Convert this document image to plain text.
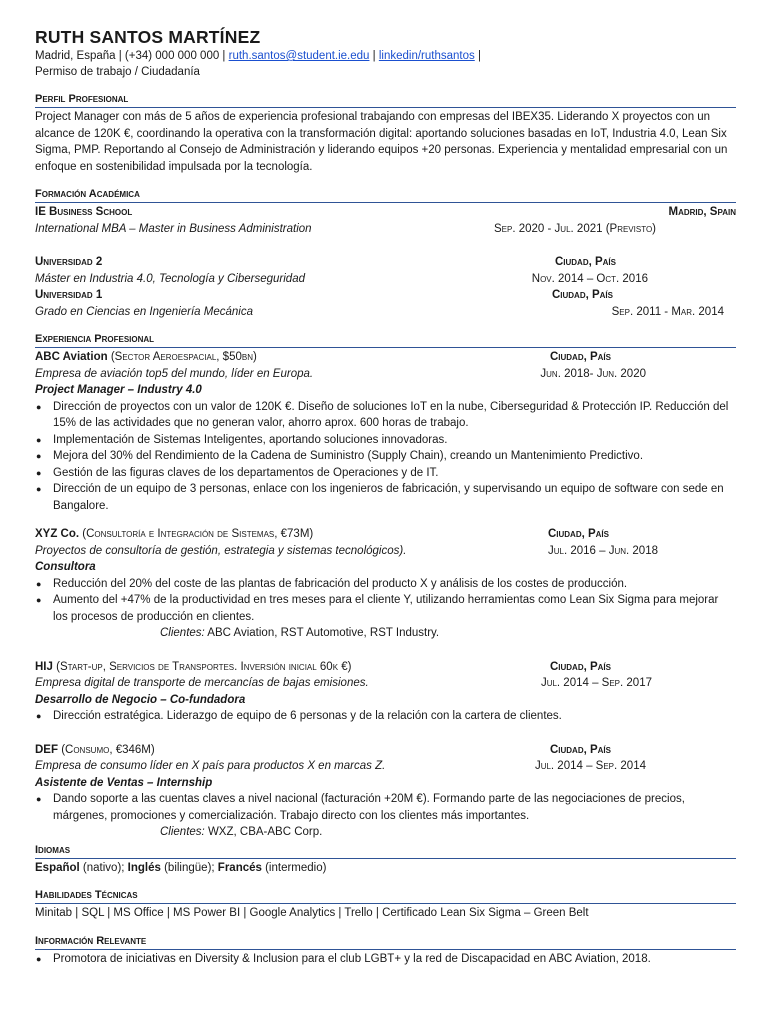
RUTH SANTOS MARTÍNEZ
Madrid, España | (+34) 000 000 000 | ruth.santos@student.ie.edu | linkedin/ruthsantos |
Permiso de trabajo / Ciudadanía
Perfil Profesional
Project Manager con más de 5 años de experiencia profesional trabajando con empresas del IBEX35. Liderando X proyectos con un alcance de 120K €, coordinando la operativa con la transformación digital: aportando soluciones basadas en IoT, Industria 4.0, Lean Six Sigma, PMP. Reportando al Consejo de Administración y liderando equipos +20 personas. Experiencia y mentalidad empresarial con un enfoque en sostenibilidad impulsada por la tecnología.
Formación Académica
IE Business School	Madrid, Spain
International MBA – Master in Business Administration	Sep. 2020 - Jul. 2021 (Previsto)
Universidad 2	Ciudad, País
Máster en Industria 4.0, Tecnología y Ciberseguridad	Nov. 2014 – Oct. 2016
Universidad 1	Ciudad, País
Grado en Ciencias en Ingeniería Mecánica	Sep. 2011 - Mar. 2014
Experiencia Profesional
ABC Aviation (Sector Aeroespacial, $50bn)	Ciudad, País
Empresa de aviación top5 del mundo, líder en Europa.	Jun. 2018- Jun. 2020
Project Manager – Industry 4.0
● Dirección de proyectos con un valor de 120K €. Diseño de soluciones IoT en la nube, Ciberseguridad & Protección IP. Reducción del 15% de las actividades que no generan valor, ahorro aprox. 600 horas de trabajo.
● Implementación de Sistemas Inteligentes, aportando soluciones innovadoras.
● Mejora del 30% del Rendimiento de la Cadena de Suministro (Supply Chain), creando un Mantenimiento Predictivo.
● Gestión de las figuras claves de los departamentos de Operaciones y de IT.
● Dirección de un equipo de 3 personas, enlace con los ingenieros de fabricación, y supervisando un equipo de software con sede en Bangalore.
XYZ Co. (Consultoría e Integración de Sistemas, €73M)	Ciudad, País
Proyectos de consultoría de gestión, estrategia y sistemas tecnológicos).	Jul. 2016 – Jun. 2018
Consultora
● Reducción del 20% del coste de las plantas de fabricación del producto X y análisis de los costes de producción.
● Aumento del +47% de la productividad en tres meses para el cliente Y, utilizando herramientas como Lean Six Sigma para mejorar los procesos de producción en clientes.
Clientes: ABC Aviation, RST Automotive, RST Industry.
HIJ (Start-up, Servicios de Transportes. Inversión inicial 60k €)	Ciudad, País
Empresa digital de transporte de mercancías de bajas emisiones.	Jul. 2014 – Sep. 2017
Desarrollo de Negocio – Co-fundadora
● Dirección estratégica. Liderazgo de equipo de 6 personas y de la relación con la cartera de clientes.
DEF (Consumo, €346M)	Ciudad, País
Empresa de consumo líder en X país para productos X en marcas Z.	Jul. 2014 – Sep. 2014
Asistente de Ventas – Internship
● Dando soporte a las cuentas claves a nivel nacional (facturación +20M €). Formando parte de las negociaciones de precios, márgenes, promociones y comercialización. Trabajo directo con los clientes más importantes.
Clientes: WXZ, CBA-ABC Corp.
Idiomas
Español (nativo); Inglés (bilingüe); Francés (intermedio)
Habilidades Técnicas
Minitab | SQL | MS Office | MS Power BI | Google Analytics | Trello | Certificado Lean Six Sigma – Green Belt
Información Relevante
● Promotora de iniciativas en Diversity & Inclusion para el club LGBT+ y la red de Discapacidad en ABC Aviation, 2018.
